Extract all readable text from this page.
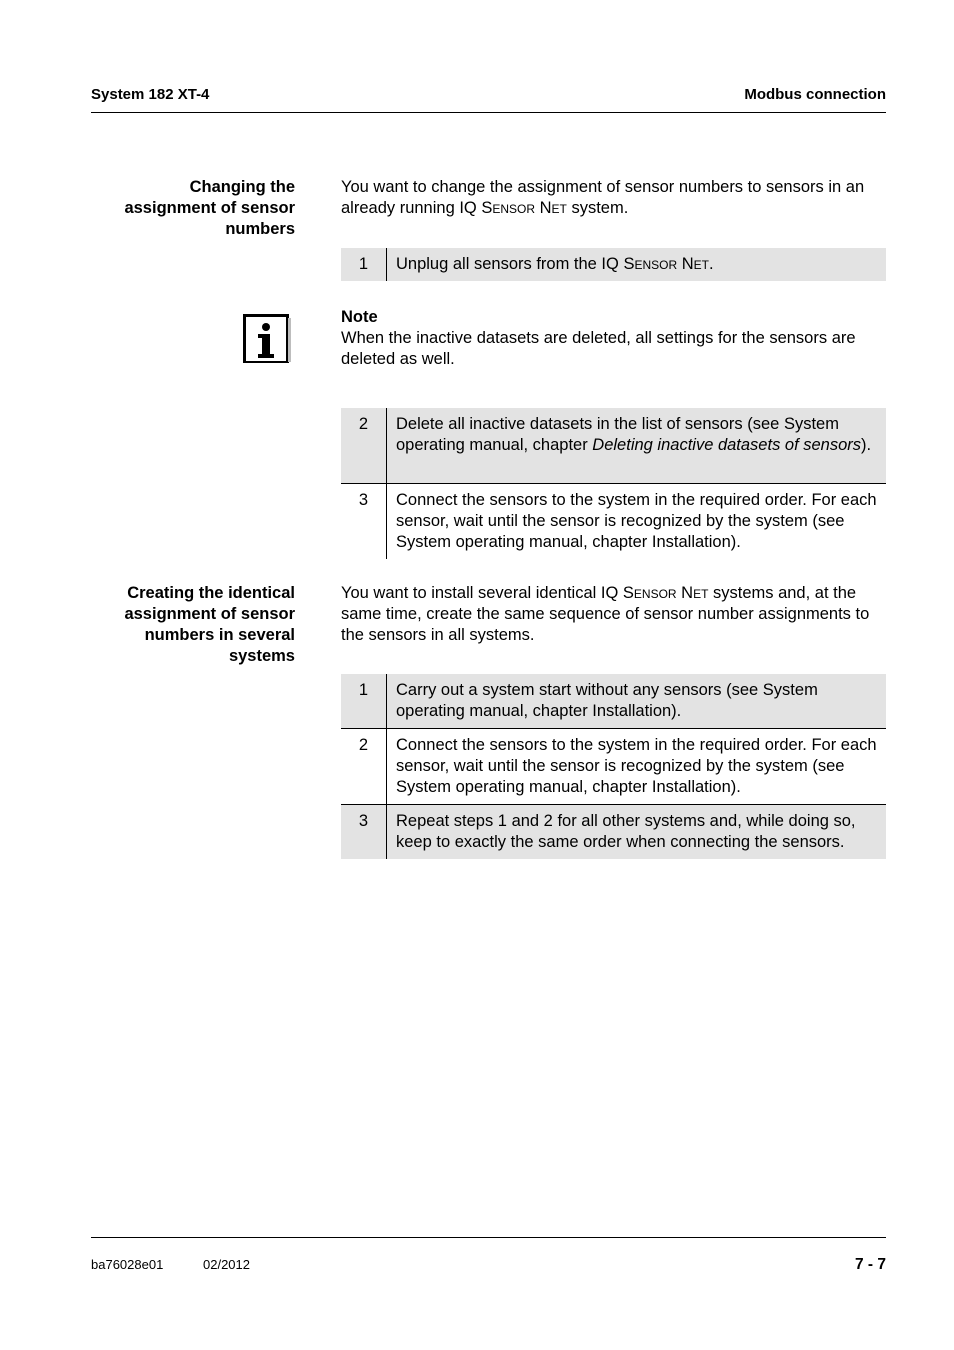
System 182 XT-4	Modbus connection
Changing the
assignment of sensor
numbers
You want to change the assignment of sensor numbers to sensors in an already running IQ Sensor Net system.
1	Unplug all sensors from the IQ Sensor Net.
Note
When the inactive datasets are deleted, all settings for the sensors are deleted as well.
2	Delete all inactive datasets in the list of sensors (see System operating manual, chapter Deleting inactive datasets of sensors).
3	Connect the sensors to the system in the required order. For each sensor, wait until the sensor is recognized by the system (see System operating manual, chapter Installation).
Creating the identical
assignment of sensor
numbers in several
systems
You want to install several identical IQ Sensor Net systems and, at the same time, create the same sequence of sensor number assignments to the sensors in all systems.
1	Carry out a system start without any sensors (see System operating manual, chapter Installation).
2	Connect the sensors to the system in the required order. For each sensor, wait until the sensor is recognized by the system (see System operating manual, chapter Installation).
3	Repeat steps 1 and 2 for all other systems and, while doing so, keep to exactly the same order when connecting the sensors.
ba76028e01	02/2012	7 - 7
